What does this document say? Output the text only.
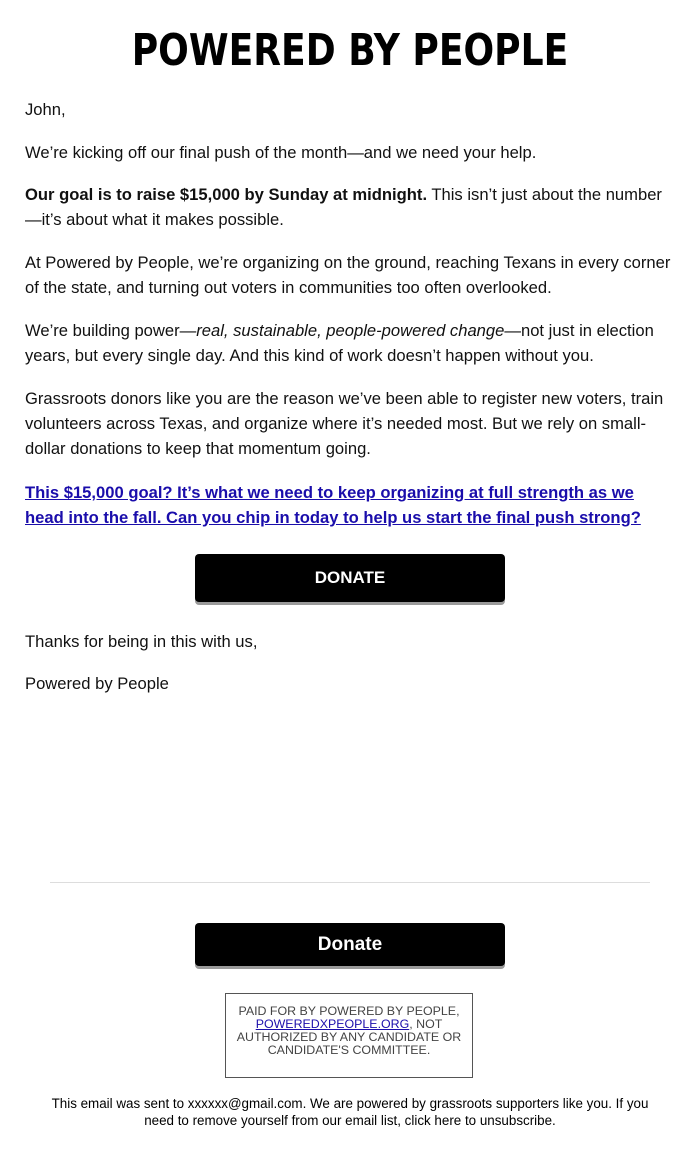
POWERED BY PEOPLE

John,

We’re kicking off our final push of the month—and we need your help.

Our goal is to raise $15,000 by Sunday at midnight. This isn’t just about the number—it’s about what it makes possible.

At Powered by People, we’re organizing on the ground, reaching Texans in every corner of the state, and turning out voters in communities too often overlooked.

We’re building power—real, sustainable, people-powered change—not just in election years, but every single day. And this kind of work doesn’t happen without you.

Grassroots donors like you are the reason we’ve been able to register new voters, train volunteers across Texas, and organize where it’s needed most. But we rely on small-dollar donations to keep that momentum going.

This $15,000 goal? It’s what we need to keep organizing at full strength as we head into the fall. Can you chip in today to help us start the final push strong?

DONATE

Thanks for being in this with us,

Powered by People

Donate
PAID FOR BY POWERED BY PEOPLE, POWEREDXPEOPLE.ORG, NOT AUTHORIZED BY ANY CANDIDATE OR CANDIDATE'S COMMITTEE.
This email was sent to xxxxxx@gmail.com. We are powered by grassroots supporters like you. If you need to remove yourself from our email list, click here to unsubscribe.
